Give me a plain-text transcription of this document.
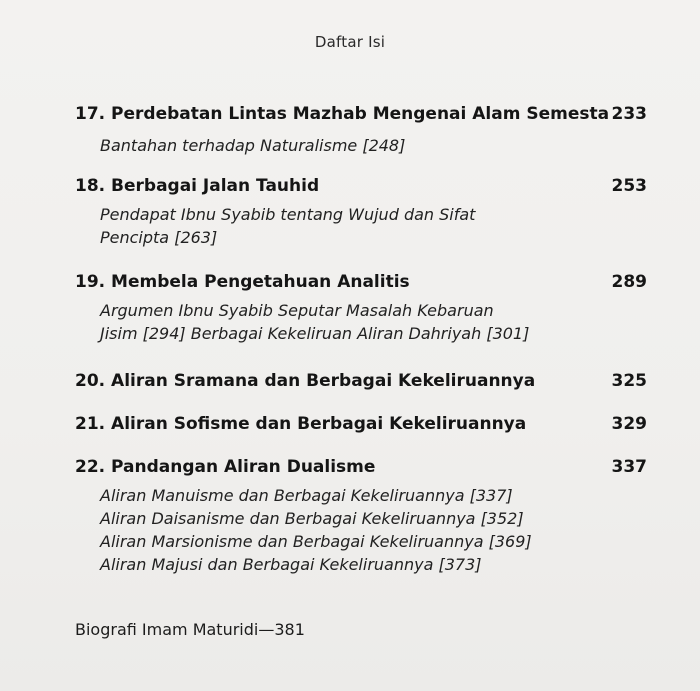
Daftar Isi
17. Perdebatan Lintas Mazhab Mengenai Alam Semesta 233
Bantahan terhadap Naturalisme [248]
18. Berbagai Jalan Tauhid	253
Pendapat Ibnu Syabib tentang Wujud dan Sifat
Pencipta [263]
19. Membela Pengetahuan Analitis	289
Argumen Ibnu Syabib Seputar Masalah Kebaruan
Jisim [294] Berbagai Kekeliruan Aliran Dahriyah [301]
20. Aliran Sramana dan Berbagai Kekeliruannya	325
21. Aliran Sofisme dan Berbagai Kekeliruannya	329
22. Pandangan Aliran Dualisme	337
Aliran Manuisme dan Berbagai Kekeliruannya [337]
Aliran Daisanisme dan Berbagai Kekeliruannya [352]
Aliran Marsionisme dan Berbagai Kekeliruannya [369]
Aliran Majusi dan Berbagai Kekeliruannya [373]
Biografi Imam Maturidi—381
